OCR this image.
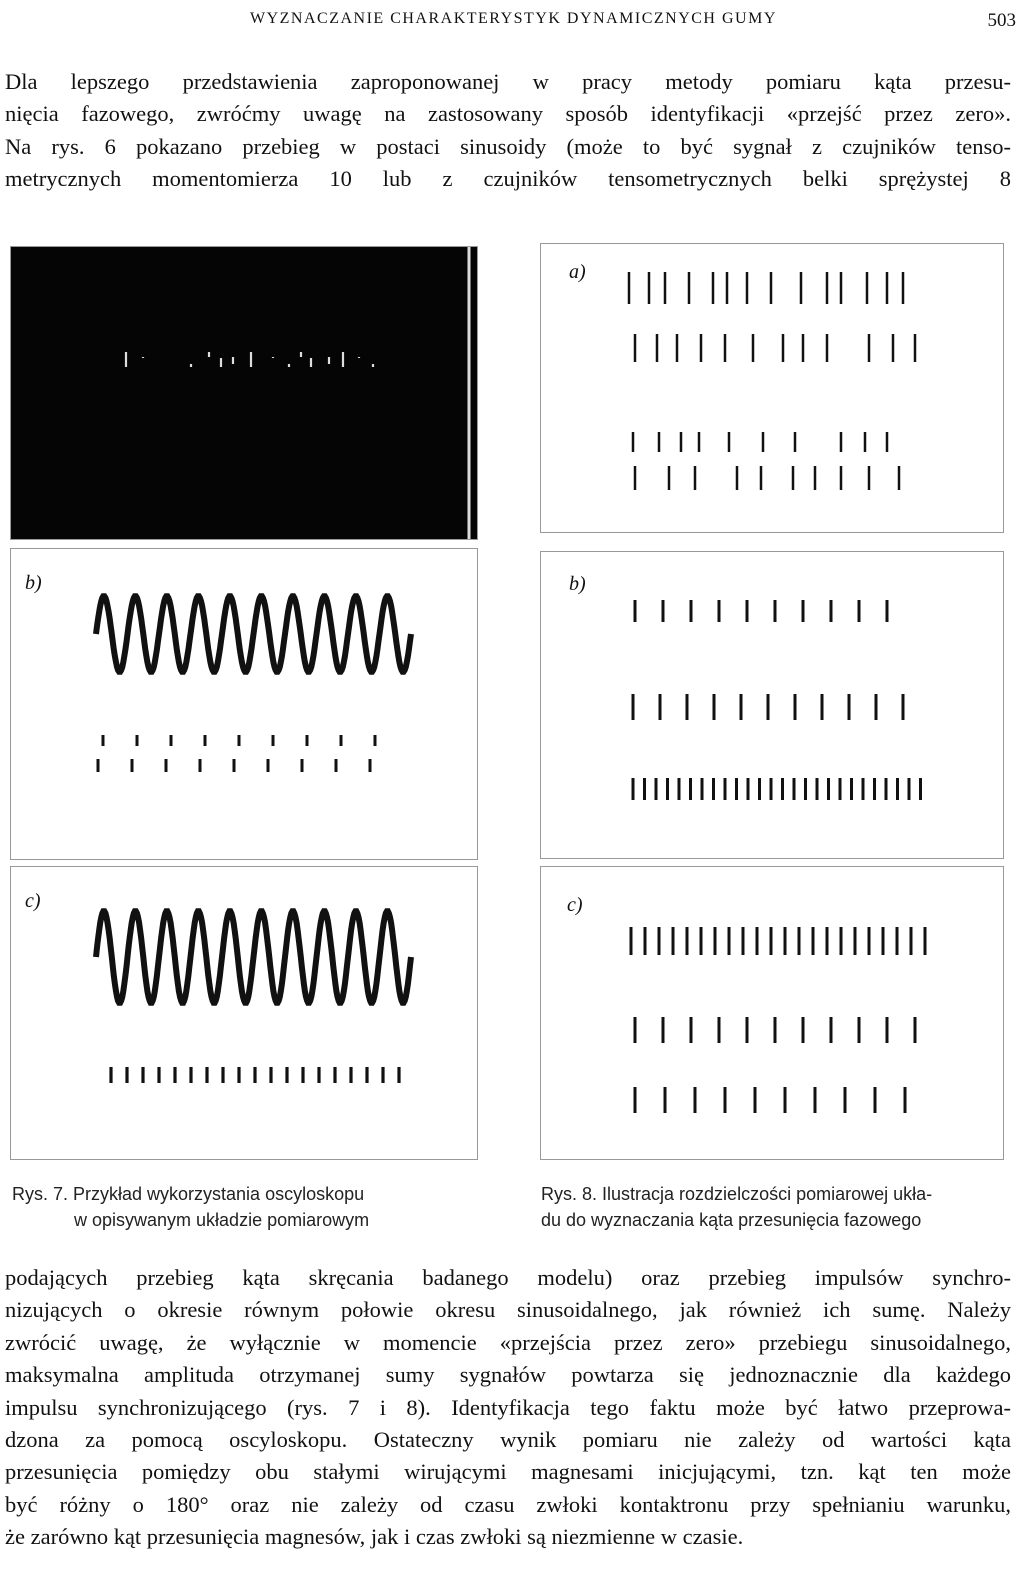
WYZNACZANIE CHARAKTERYSTYK DYNAMICZNYCH GUMY	503
Dla lepszego przedstawienia zaproponowanej w pracy metody pomiaru kąta przesu-
nięcia fazowego, zwróćmy uwagę na zastosowany sposób identyfikacji «przejść przez zero».
Na rys. 6 pokazano przebieg w postaci sinusoidy (może to być sygnał z czujników tenso-
metrycznych momentomierza 10 lub z czujników tensometrycznych belki sprężystej 8
b)
c)
a)
b)
c)
Rys. 7. Przykład wykorzystania oscyloskopu
w opisywanym układzie pomiarowym
Rys. 8. Ilustracja rozdzielczości pomiarowej ukła-
du do wyznaczania kąta przesunięcia fazowego
podających przebieg kąta skręcania badanego modelu) oraz przebieg impulsów synchro-
nizujących o okresie równym połowie okresu sinusoidalnego, jak również ich sumę. Należy
zwrócić uwagę, że wyłącznie w momencie «przejścia przez zero» przebiegu sinusoidalnego,
maksymalna amplituda otrzymanej sumy sygnałów powtarza się jednoznacznie dla każdego
impulsu synchronizującego (rys. 7 i 8). Identyfikacja tego faktu może być łatwo przeprowa-
dzona za pomocą oscyloskopu. Ostateczny wynik pomiaru nie zależy od wartości kąta
przesunięcia pomiędzy obu stałymi wirującymi magnesami inicjującymi, tzn. kąt ten może
być różny o 180° oraz nie zależy od czasu zwłoki kontaktronu przy spełnianiu warunku,
że zarówno kąt przesunięcia magnesów, jak i czas zwłoki są niezmienne w czasie.
